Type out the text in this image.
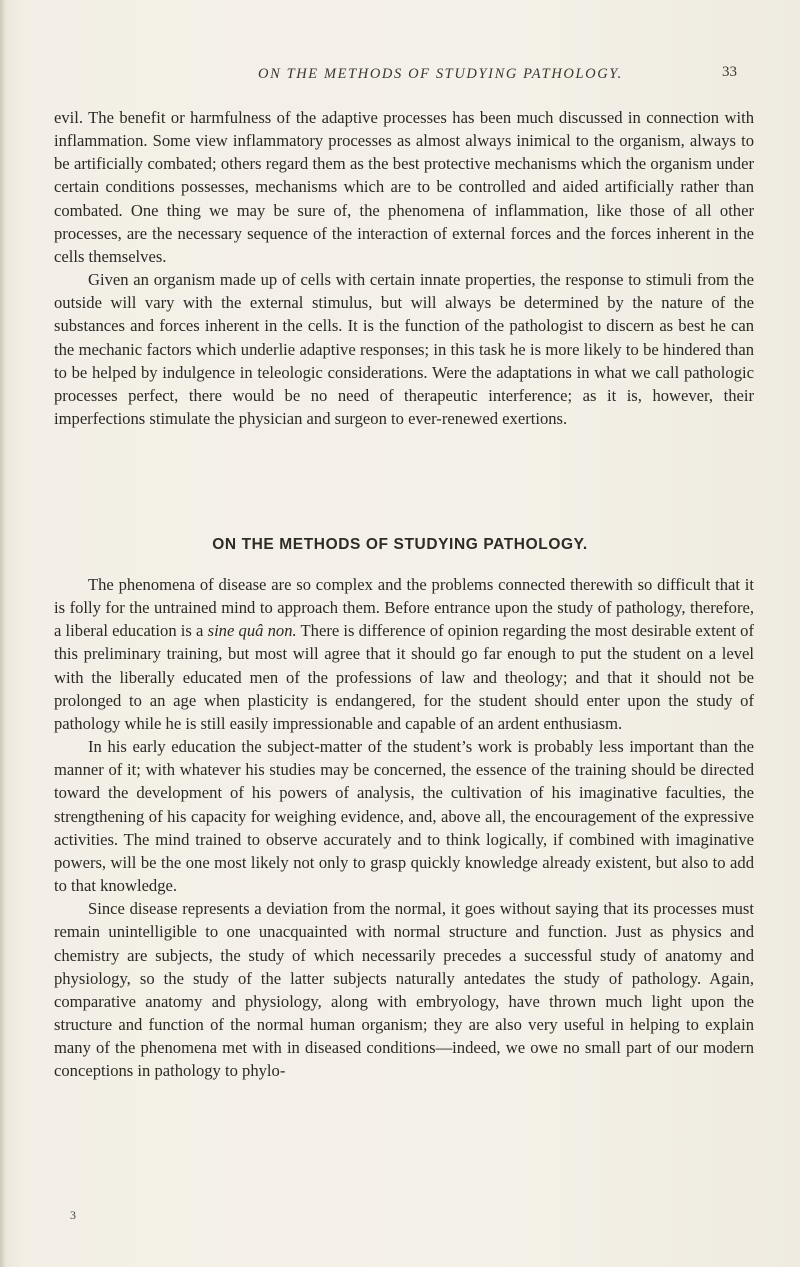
ON THE METHODS OF STUDYING PATHOLOGY.	33

evil. The benefit or harmfulness of the adaptive processes has been much discussed in connection with inflammation. Some view inflammatory processes as almost always inimical to the organism, always to be artificially combated; others regard them as the best protective mechanisms which the organism under certain conditions possesses, mechanisms which are to be controlled and aided artificially rather than combated. One thing we may be sure of, the phenomena of inflammation, like those of all other processes, are the necessary sequence of the interaction of external forces and the forces inherent in the cells themselves.

Given an organism made up of cells with certain innate properties, the response to stimuli from the outside will vary with the external stimulus, but will always be determined by the nature of the substances and forces inherent in the cells. It is the function of the pathologist to discern as best he can the mechanic factors which underlie adaptive responses; in this task he is more likely to be hindered than to be helped by indulgence in teleologic considerations. Were the adaptations in what we call pathologic processes perfect, there would be no need of therapeutic interference; as it is, however, their imperfections stimulate the physician and surgeon to ever-renewed exertions.

ON THE METHODS OF STUDYING PATHOLOGY.

The phenomena of disease are so complex and the problems connected therewith so difficult that it is folly for the untrained mind to approach them. Before entrance upon the study of pathology, therefore, a liberal education is a sine quâ non. There is difference of opinion regarding the most desirable extent of this preliminary training, but most will agree that it should go far enough to put the student on a level with the liberally educated men of the professions of law and theology; and that it should not be prolonged to an age when plasticity is endangered, for the student should enter upon the study of pathology while he is still easily impressionable and capable of an ardent enthusiasm.

In his early education the subject-matter of the student’s work is probably less important than the manner of it; with whatever his studies may be concerned, the essence of the training should be directed toward the development of his powers of analysis, the cultivation of his imaginative faculties, the strengthening of his capacity for weighing evidence, and, above all, the encouragement of the expressive activities. The mind trained to observe accurately and to think logically, if combined with imaginative powers, will be the one most likely not only to grasp quickly knowledge already existent, but also to add to that knowledge.

Since disease represents a deviation from the normal, it goes without saying that its processes must remain unintelligible to one unacquainted with normal structure and function. Just as physics and chemistry are subjects, the study of which necessarily precedes a successful study of anatomy and physiology, so the study of the latter subjects naturally antedates the study of pathology. Again, comparative anatomy and physiology, along with embryology, have thrown much light upon the structure and function of the normal human organism; they are also very useful in helping to explain many of the phenomena met with in diseased conditions—indeed, we owe no small part of our modern conceptions in pathology to phylo-

3
